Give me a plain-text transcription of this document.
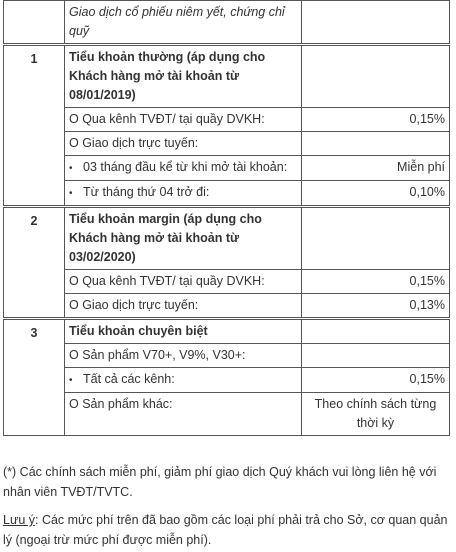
	Giao dịch cổ phiếu niêm yết, chứng chỉ quỹ	
1	Tiểu khoản thường (áp dụng cho Khách hàng mở tài khoản từ 08/01/2019)	
	O Qua kênh TVĐT/ tại quầy DVKH:	0,15%
	O Giao dịch trực tuyến:	
•03 tháng đầu kể từ khi mở tài khoản:	Miễn phí
•Từ tháng thứ 04 trở đi:	0,10%
2	Tiểu khoản margin (áp dụng cho Khách hàng mở tài khoản từ 03/02/2020)	
	O Qua kênh TVĐT/ tại quầy DVKH:	0,15%
	O Giao dịch trực tuyến:	0,13%
3	Tiểu khoản chuyên biệt	
	O Sản phẩm V70+, V9%, V30+:	
•Tất cả các kênh:	0,15%
	O Sản phẩm khác:	Theo chính sách từng thời kỳ
(*) Các chính sách miễn phí, giảm phí giao dịch Quý khách vui lòng liên hệ với nhân viên TVĐT/TVTC.
Lưu ý: Các mức phí trên đã bao gồm các loại phí phải trả cho Sở, cơ quan quản lý (ngoại trừ mức phí được miễn phí).
